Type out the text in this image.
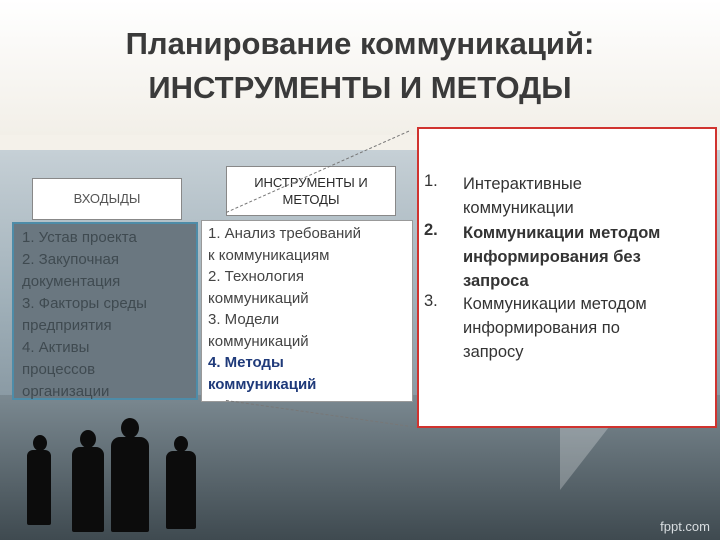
Планирование коммуникаций:
ИНСТРУМЕНТЫ И МЕТОДЫ
ВХОДЫДЫ
1. Устав проекта
2. Закупочная
документация
3. Факторы среды
предприятия
4. Активы
процессов
организации
ИНСТРУМЕНТЫ И МЕТОДЫ
1. Анализ требований
к коммуникациям
2. Технология
коммуникаций
3. Модели
коммуникаций
4. Методы
коммуникаций
1. Интерактивные
коммуникации
2. Коммуникации методом
информирования без
запроса
3. Коммуникации методом
информирования по
запросу
fppt.com
